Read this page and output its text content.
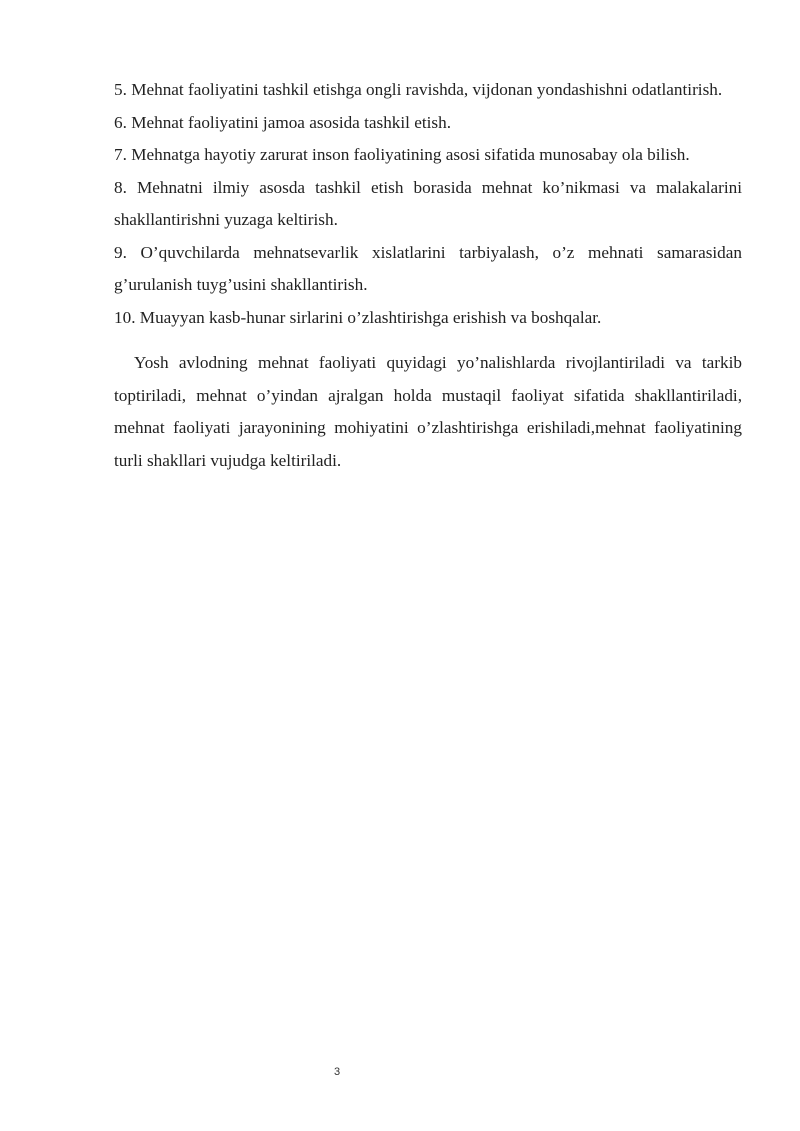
5. Mehnat faoliyatini tashkil etishga ongli ravishda, vijdonan yondashishni odatlantirish.

6. Mehnat faoliyatini jamoa asosida tashkil etish.

7. Mehnatga hayotiy zarurat inson faoliyatining asosi sifatida munosabay ola bilish.

8. Mehnatni ilmiy asosda tashkil etish borasida mehnat ko’nikmasi va malakalarini shakllantirishni yuzaga keltirish.

9. O’quvchilarda mehnatsevarlik xislatlarini tarbiyalash, o’z mehnati samarasidan g’urulanish tuyg’usini shakllantirish.

10. Muayyan kasb-hunar sirlarini o’zlashtirishga erishish va boshqalar.

Yosh avlodning mehnat faoliyati quyidagi yo’nalishlarda rivojlantiriladi va tarkib toptiriladi, mehnat o’yindan ajralgan holda mustaqil faoliyat sifatida shakllantiriladi, mehnat faoliyati jarayonining mohiyatini o’zlashtirishga erishiladi,mehnat faoliyatining turli shakllari vujudga keltiriladi.

3
